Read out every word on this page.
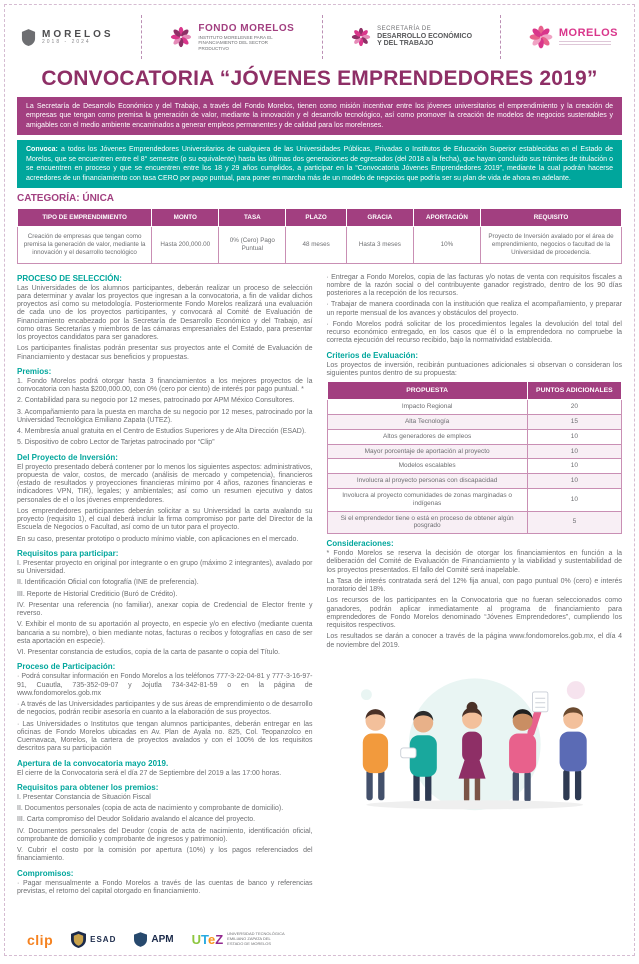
MORELOS
2018 - 2024
FONDO MORELOS
INSTITUTO MORELENSE PARA EL FINANCIAMIENTO DEL SECTOR PRODUCTIVO
SECRETARÍA DE
DESARROLLO ECONÓMICO
Y DEL TRABAJO
MORELOS
CONVOCATORIA “JÓVENES EMPRENDEDORES 2019”
La Secretaría de Desarrollo Económico y del Trabajo, a través del Fondo Morelos, tienen como misión incentivar entre los jóvenes universitarios el emprendimiento y la creación de empresas que tengan como premisa la generación de valor, mediante la innovación y el desarrollo tecnológico, así como promover la creación de modelos de negocios sustentables y amigables con el medio ambiente encaminados a generar empleos permanentes y de calidad para los morelenses.
Convoca: a todos los Jóvenes Emprendedores Universitarios de cualquiera de las Universidades Públicas, Privadas o Institutos de Educación Superior establecidas en el Estado de Morelos, que se encuentren entre el 8° semestre (o su equivalente) hasta las últimas dos generaciones de egresados (del 2018 a la fecha), que hayan concluido sus trámites de titulación o se encuentren en proceso y que se encuentren entre los 18 y 29 años cumplidos, a participar en la “Convocatoria Jóvenes Emprendedores 2019”, mediante la cual podrán hacerse acreedores de un financiamiento con tasa CERO por pago puntual, para poner en marcha más de un modelo de negocios que podría ser su plan de vida de ahora en adelante.
CATEGORÍA: ÚNICA
TIPO DE EMPRENDIMIENTO	MONTO	TASA	PLAZO	GRACIA	APORTACIÓN	REQUISITO
Creación de empresas que tengan como premisa la generación de valor, mediante la innovación y el desarrollo tecnológico	Hasta 200,000.00	0% (Cero) Pago Puntual	48 meses	Hasta 3 meses	10%	Proyecto de Inversión avalado por el área de emprendimiento, negocios o facultad de la Universidad de procedencia.
PROCESO DE SELECCIÓN:

Las Universidades de los alumnos participantes, deberán realizar un proceso de selección para determinar y avalar los proyectos que ingresan a la convocatoria, a fin de validar dichos proyectos así como su metodología. Posteriormente Fondo Morelos realizará una evaluación de cada uno de los proyectos participantes, y convocará al Comité de Evaluación de Financiamiento encabezado por la Secretaría de Desarrollo Económico y del Trabajo, así como otras Secretarías y miembros de las cámaras empresariales del Estado, para presentar los proyectos candidatos para ser ganadores.

Los participantes finalistas podrán presentar sus proyectos ante el Comité de Evaluación de Financiamiento y destacar sus beneficios y propuestas.

Premios:

1. Fondo Morelos podrá otorgar hasta 3 financiamientos a los mejores proyectos de la convocatoria con hasta $200,000.00, con 0% (cero por ciento) de interés por pago puntual. *

2. Contabilidad para su negocio por 12 meses, patrocinado por APM México Consultores.

3. Acompañamiento para la puesta en marcha de su negocio por 12 meses, patrocinado por la Universidad Tecnológica Emiliano Zapata (UTEZ).

4. Membresía anual gratuita en el Centro de Estudios Superiores y de Alta Dirección (ESAD).

5. Dispositivo de cobro Lector de Tarjetas patrocinado por “Clip”

Del Proyecto de Inversión:

El proyecto presentado deberá contener por lo menos los siguientes aspectos: administrativos, propuesta de valor, costos, de mercado (análisis de mercado y competencia), financieros (estado de resultados y proyecciones financieras mínimo por 4 años, razones financieras e indicadores VPN, TIR), legales; y ambientales; así como un resumen ejecutivo y datos personales de el o los jóvenes emprendedores.

Los emprendedores participantes deberán solicitar a su Universidad la carta avalando su proyecto (requisito 1), el cual deberá incluir la firma compromiso por parte del Director de la Escuela de Negocios o Facultad, así como de un tutor para el proyecto.

En su caso, presentar prototipo o producto mínimo viable, con aplicaciones en el mercado.

Requisitos para participar:

I. Presentar proyecto en original por integrante o en grupo (máximo 2 integrantes), avalado por su Universidad.

II. Identificación Oficial con fotografía (INE de preferencia).

III. Reporte de Historial Crediticio (Buró de Crédito).

IV. Presentar una referencia (no familiar), anexar copia de Credencial de Elector frente y reverso.

V. Exhibir el monto de su aportación al proyecto, en especie y/o en efectivo (mediante cuenta bancaria a su nombre), o bien mediante notas, facturas o recibos y fotografías en caso de ser esta aportación en especie).

VI. Presentar constancia de estudios, copia de la carta de pasante o copia del Título.

Proceso de Participación:

· Podrá consultar información en Fondo Morelos a los teléfonos 777-3-22-04-81 y 777-3-16-97-91, Cuautla, 735-352-09-07 y Jojutla 734-342-81-59 o en la página de www.fondomorelos.gob.mx

· A través de las Universidades participantes y de sus áreas de emprendimiento o de desarrollo de negocios, podrán recibir asesoría en cuanto a la elaboración de sus proyectos.

· Las Universidades o Institutos que tengan alumnos participantes, deberán entregar en las oficinas de Fondo Morelos ubicadas en Av. Plan de Ayala no. 825, Col. Teopanzolco en Cuernavaca, Morelos, la cartera de proyectos avalados y con el 100% de los requisitos descritos para su participación

Apertura de la convocatoria mayo 2019.

El cierre de la Convocatoria será el día 27 de Septiembre del 2019 a las 17:00 horas.

Requisitos para obtener los premios:

I. Presentar Constancia de Situación Fiscal

II. Documentos personales (copia de acta de nacimiento y comprobante de domicilio).

III. Carta compromiso del Deudor Solidario avalando el alcance del proyecto.

IV. Documentos personales del Deudor (copia de acta de nacimiento, identificación oficial, comprobante de domicilio y comprobante de ingresos y patrimonio).

V. Cubrir el costo por la comisión por apertura (10%) y los pagos referenciados del financiamiento.

Compromisos:

· Pagar mensualmente a Fondo Morelos a través de las cuentas de banco y referencias previstas, el retorno del capital otorgado en financiamiento.

· Entregar a Fondo Morelos, copia de las facturas y/o notas de venta con requisitos fiscales a nombre de la razón social o del contribuyente ganador registrado, dentro de los 90 días posteriores a la recepción de los recursos.

· Trabajar de manera coordinada con la institución que realiza el acompañamiento, y preparar un reporte mensual de los avances y obstáculos del proyecto.

· Fondo Morelos podrá solicitar de los procedimientos legales la devolución del total del recurso económico entregado, en los casos que él o la emprendedora no compruebe la correcta ejecución del recurso recibido, bajo la normatividad establecida.

Criterios de Evaluación:

Los proyectos de inversión, recibirán puntuaciones adicionales si observan o consideran los siguientes puntos dentro de su propuesta:

PROPUESTA	PUNTOS ADICIONALES
Impacto Regional	20
Alta Tecnología	15
Altos generadores de empleos	10
Mayor porcentaje de aportación al proyecto	10
Modelos escalables	10
Involucra al proyecto personas con discapacidad	10
Involucra al proyecto comunidades de zonas marginadas o indígenas	10
Si el emprendedor tiene o está en proceso de obtener algún posgrado	5
Consideraciones:

* Fondo Morelos se reserva la decisión de otorgar los financiamientos en función a la deliberación del Comité de Evaluación de Financiamiento y la viabilidad y sustentabilidad de los proyectos presentados. El fallo del Comité será inapelable.

La Tasa de interés contratada será del 12% fija anual, con pago puntual 0% (cero) e interés moratorio del 18%.

Los recursos de los participantes en la Convocatoria que no fueran seleccionados como ganadores, podrán aplicar inmediatamente al programa de financiamiento para emprendedores de Fondo Morelos denominado “Jóvenes Emprendedores”, cumpliendo los requisitos respectivos.

Los resultados se darán a conocer a través de la página www.fondomorelos.gob.mx, el día 4 de noviembre del 2019.

clip	ESAD	APM UTeZ UNIVERSIDAD TECNOLÓGICA EMILIANO ZAPATA DEL ESTADO DE MORELOS
